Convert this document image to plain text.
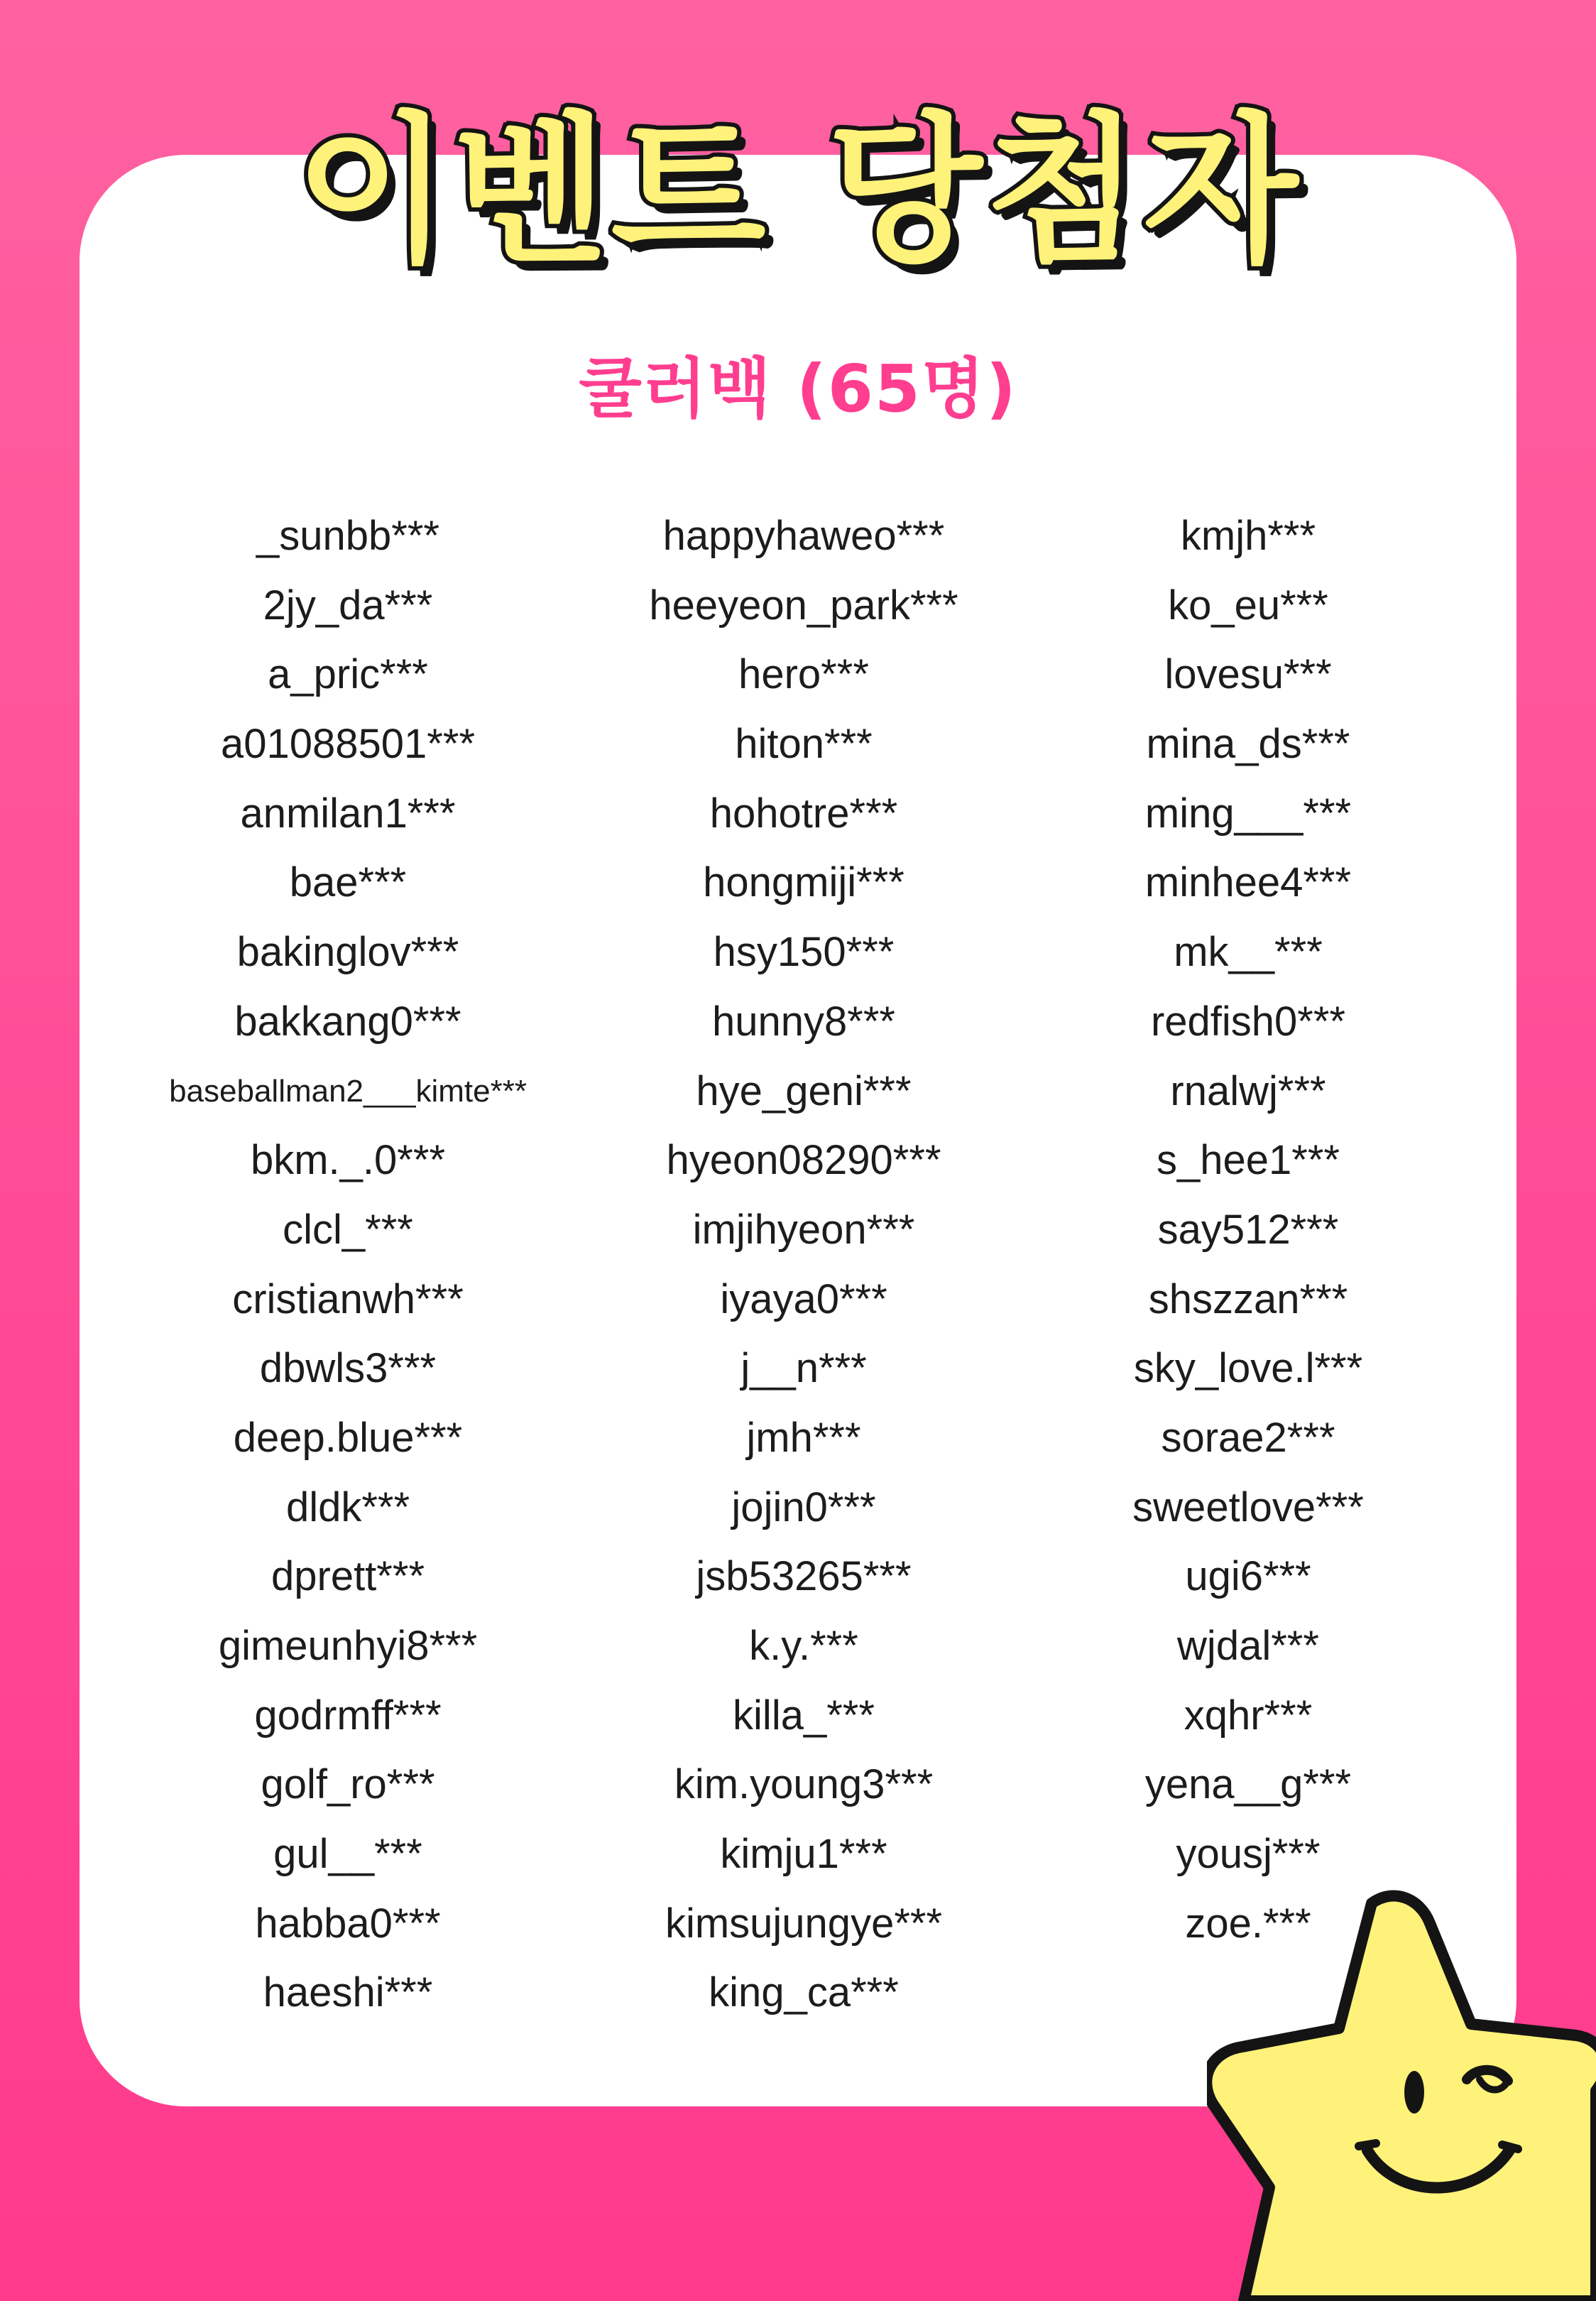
이벤트 당첨자
쿨러백 (65명)
_sunbb***
2jy_da***
a_pric***
a01088501***
anmilan1***
bae***
bakinglov***
bakkang0***
baseballman2___kimte***
bkm._.0***
clcl_***
cristianwh***
dbwls3***
deep.blue***
dldk***
dprett***
gimeunhyi8***
godrmff***
golf_ro***
gul__***
habba0***
haeshi***
happyhaweo***
heeyeon_park***
hero***
hiton***
hohotre***
hongmiji***
hsy150***
hunny8***
hye_geni***
hyeon08290***
imjihyeon***
iyaya0***
j__n***
jmh***
jojin0***
jsb53265***
k.y.***
killa_***
kim.young3***
kimju1***
kimsujungye***
king_ca***
kmjh***
ko_eu***
lovesu***
mina_ds***
ming___***
minhee4***
mk__***
redfish0***
rnalwj***
s_hee1***
say512***
shszzan***
sky_love.l***
sorae2***
sweetlove***
ugi6***
wjdal***
xqhr***
yena__g***
yousj***
zoe.***
